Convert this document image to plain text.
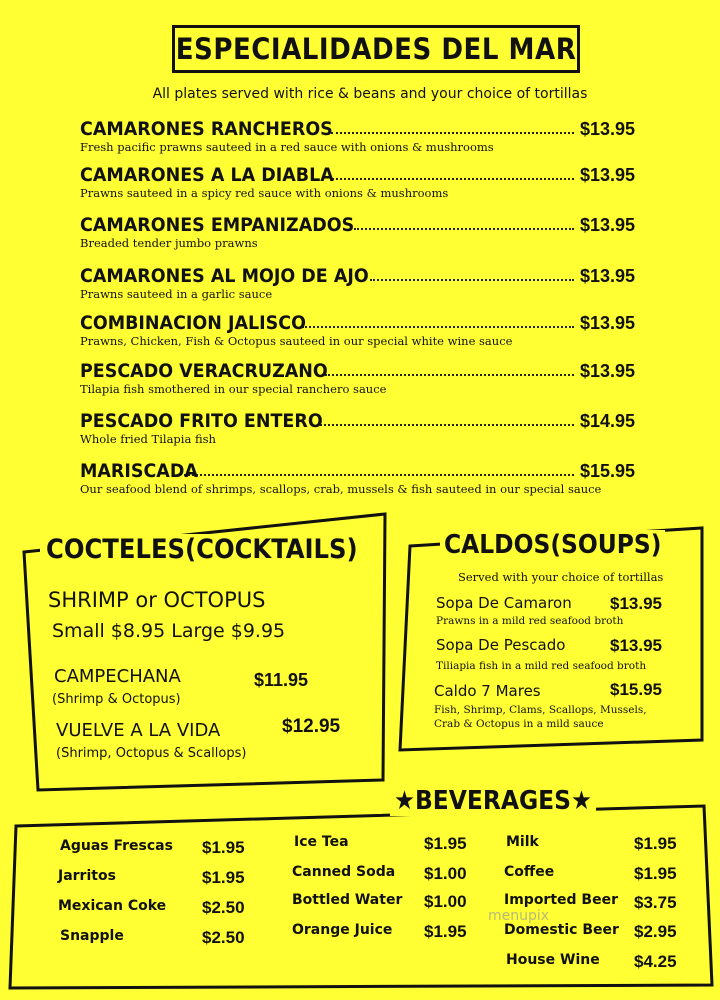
ESPECIALIDADES DEL MAR
All plates served with rice & beans and your choice of tortillas
CAMARONES RANCHEROS	$13.95
Fresh pacific prawns sauteed in a red sauce with onions & mushrooms
CAMARONES A LA DIABLA	$13.95
Prawns sauteed in a spicy red sauce with onions & mushrooms
CAMARONES EMPANIZADOS	$13.95
Breaded tender jumbo prawns
CAMARONES AL MOJO DE AJO	$13.95
Prawns sauteed in a garlic sauce
COMBINACION JALISCO	$13.95
Prawns, Chicken, Fish & Octopus sauteed in our special white wine sauce
PESCADO VERACRUZANO	$13.95
Tilapia fish smothered in our special ranchero sauce
PESCADO FRITO ENTERO	$14.95
Whole fried Tilapia fish
MARISCADA	$15.95
Our seafood blend of shrimps, scallops, crab, mussels & fish sauteed in our special sauce
COCTELES(COCKTAILS)
SHRIMP or OCTOPUS
Small $8.95 Large $9.95
CAMPECHANA	$11.95
(Shrimp & Octopus)
VUELVE A LA VIDA	$12.95
(Shrimp, Octopus & Scallops)
CALDOS(SOUPS)
Served with your choice of tortillas
Sopa De Camaron $13.95
Prawns in a mild red seafood broth
Sopa De Pescado	$13.95
Tiliapia fish in a mild red seafood broth
Caldo 7 Mares	$15.95
Fish, Shrimp, Clams, Scallops, Mussels,
Crab & Octopus in a mild sauce
★BEVERAGES★
Aguas Frescas $1.95
Jarritos	$1.95
Mexican Coke $2.50
Snapple	$2.50
Ice Tea	$1.95
Canned Soda $1.00
Bottled Water $1.00
Orange Juice $1.95
Milk	$1.95
Coffee	$1.95
Imported Beer $3.75
Domestic Beer $2.95
House Wine $4.25
menupix
